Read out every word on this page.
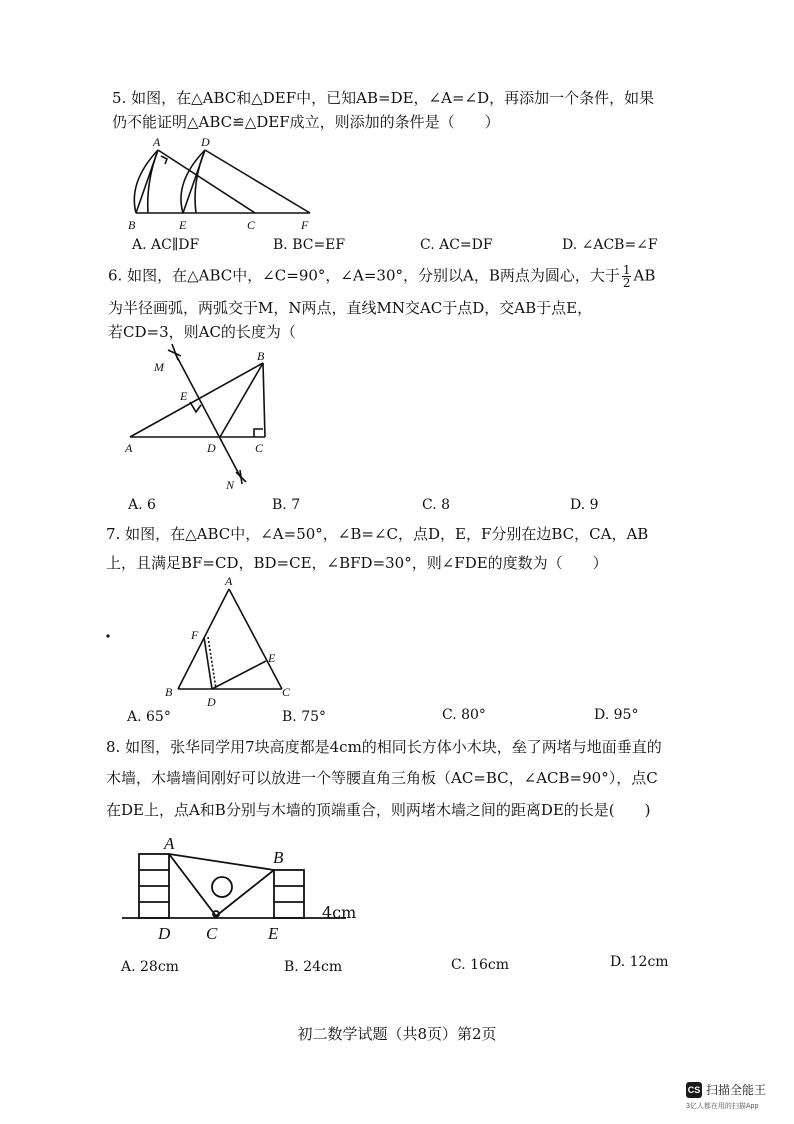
5. 如图，在△ABC和△DEF中，已知AB=DE，∠A=∠D，再添加一个条件，如果
仍不能证明△ABC≌△DEF成立，则添加的条件是（　　）
A	D
B	E	C	F
A. AC∥DF	B. BC=EF	C. AC=DF	D. ∠ACB=∠F
6. 如图，在△ABC中，∠C=90°，∠A=30°，分别以A，B两点为圆心，大于 $\frac{1}{2}$ AB
为半径画弧，两弧交于M，N两点，直线MN交AC于点D，交AB于点E，
若CD=3，则AC的长度为（
M
B
E
A	D	C
N
A. 6	B. 7	C. 8	D. 9
7. 如图，在△ABC中，∠A=50°，∠B=∠C，点D，E，F分别在边BC，CA，AB
上，且满足BF=CD，BD=CE，∠BFD=30°，则∠FDE的度数为（　　）
A
F
E
B
D
C
A. 65°	B. 75°	C. 80°	D. 95°
8. 如图，张华同学用7块高度都是4cm的相同长方体小木块，垒了两堵与地面垂直的
木墙，木墙墙间刚好可以放进一个等腰直角三角板（AC=BC，∠ACB=90°），点C
在DE上，点A和B分别与木墙的顶端重合，则两堵木墙之间的距离DE的长是(　　)
A
B
D C	E
4cm
A. 28cm	B. 24cm	C. 16cm	D. 12cm
初二数学试题（共8页）第2页
CS 扫描全能王
3亿人都在用的扫描App
